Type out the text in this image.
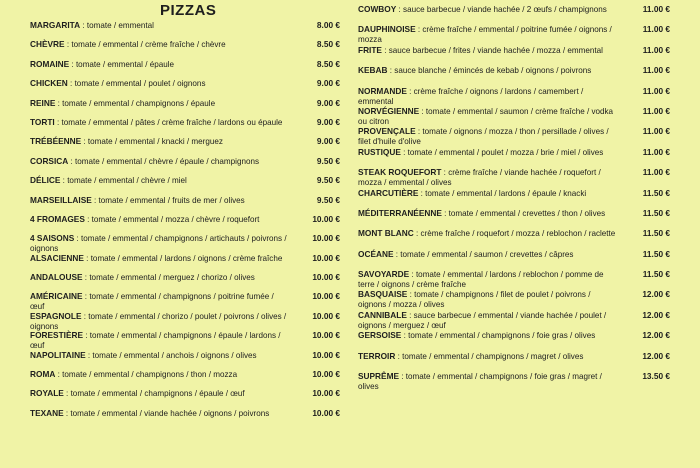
PIZZAS
MARGARITA : tomate / emmental	8.00 €
CHÈVRE : tomate / emmental / crème fraîche / chèvre	8.50 €
ROMAINE : tomate / emmental / épaule	8.50 €
CHICKEN : tomate / emmental / poulet / oignons	9.00 €
REINE : tomate / emmental / champignons / épaule	9.00 €
TORTI : tomate / emmental / pâtes / crème fraîche / lardons ou épaule	9.00 €
TRÉBÉENNE : tomate / emmental / knacki / merguez	9.00 €
CORSICA : tomate / emmental / chèvre / épaule / champignons	9.50 €
DÉLICE : tomate / emmental / chèvre / miel	9.50 €
MARSEILLAISE : tomate / emmental / fruits de mer / olives	9.50 €
4 FROMAGES : tomate / emmental / mozza / chèvre / roquefort	10.00 €
4 SAISONS : tomate / emmental / champignons / artichauts / poivrons / oignons
10.00 €
ALSACIENNE : tomate / emmental / lardons / oignons / crème fraîche	10.00 €
ANDALOUSE : tomate / emmental / merguez / chorizo / olives	10.00 €
AMÉRICAINE : tomate / emmental / champignons / poitrine fumée / œuf
10.00 €
ESPAGNOLE : tomate / emmental / chorizo / poulet / poivrons / olives / oignons
10.00 €
FORESTIÈRE : tomate / emmental / champignons / épaule / lardons / œuf
10.00 €
NAPOLITAINE : tomate / emmental / anchois / oignons / olives	10.00 €
ROMA : tomate / emmental / champignons / thon / mozza	10.00 €
ROYALE : tomate / emmental / champignons / épaule / œuf	10.00 €
TEXANE : tomate / emmental / viande hachée / oignons / poivrons	10.00 €
COWBOY : sauce barbecue / viande hachée / 2 œufs / champignons	11.00 €
DAUPHINOISE : crème fraîche / emmental / poitrine fumée / oignons / mozza
11.00 €
FRITE : sauce barbecue / frites / viande hachée / mozza / emmental	11.00 €
KEBAB : sauce blanche / émincés de kebab / oignons / poivrons	11.00 €
NORMANDE : crème fraîche / oignons / lardons / camembert / emmental
11.00 €
NORVÉGIENNE : tomate / emmental / saumon / crème fraîche / vodka ou citron
11.00 €
PROVENÇALE : tomate / oignons / mozza / thon / persillade / olives / filet d'huile d'olive
11.00 €
RUSTIQUE : tomate / emmental / poulet / mozza / brie / miel / olives	11.00 €
STEAK ROQUEFORT : crème fraîche / viande hachée / roquefort / mozza / emmental / olives
11.00 €
CHARCUTIÈRE : tomate / emmental / lardons / épaule / knacki	11.50 €
MÉDITERRANÉENNE : tomate / emmental / crevettes / thon / olives	11.50 €
MONT BLANC : crème fraîche / roquefort / mozza / reblochon / raclette	11.50 €
OCÉANE : tomate / emmental / saumon / crevettes / câpres	11.50 €
SAVOYARDE : tomate / emmental / lardons / reblochon / pomme de terre / oignons / crème fraîche
11.50 €
BASQUAISE : tomate / champignons / filet de poulet / poivrons / oignons / mozza / olives
12.00 €
CANNIBALE : sauce barbecue / emmental / viande hachée / poulet / oignons / merguez / œuf
12.00 €
GERSOISE : tomate / emmental / champignons / foie gras / olives	12.00 €
TERROIR : tomate / emmental / champignons / magret / olives	12.00 €
SUPRÊME : tomate / emmental / champignons / foie gras / magret / olives
13.50 €
